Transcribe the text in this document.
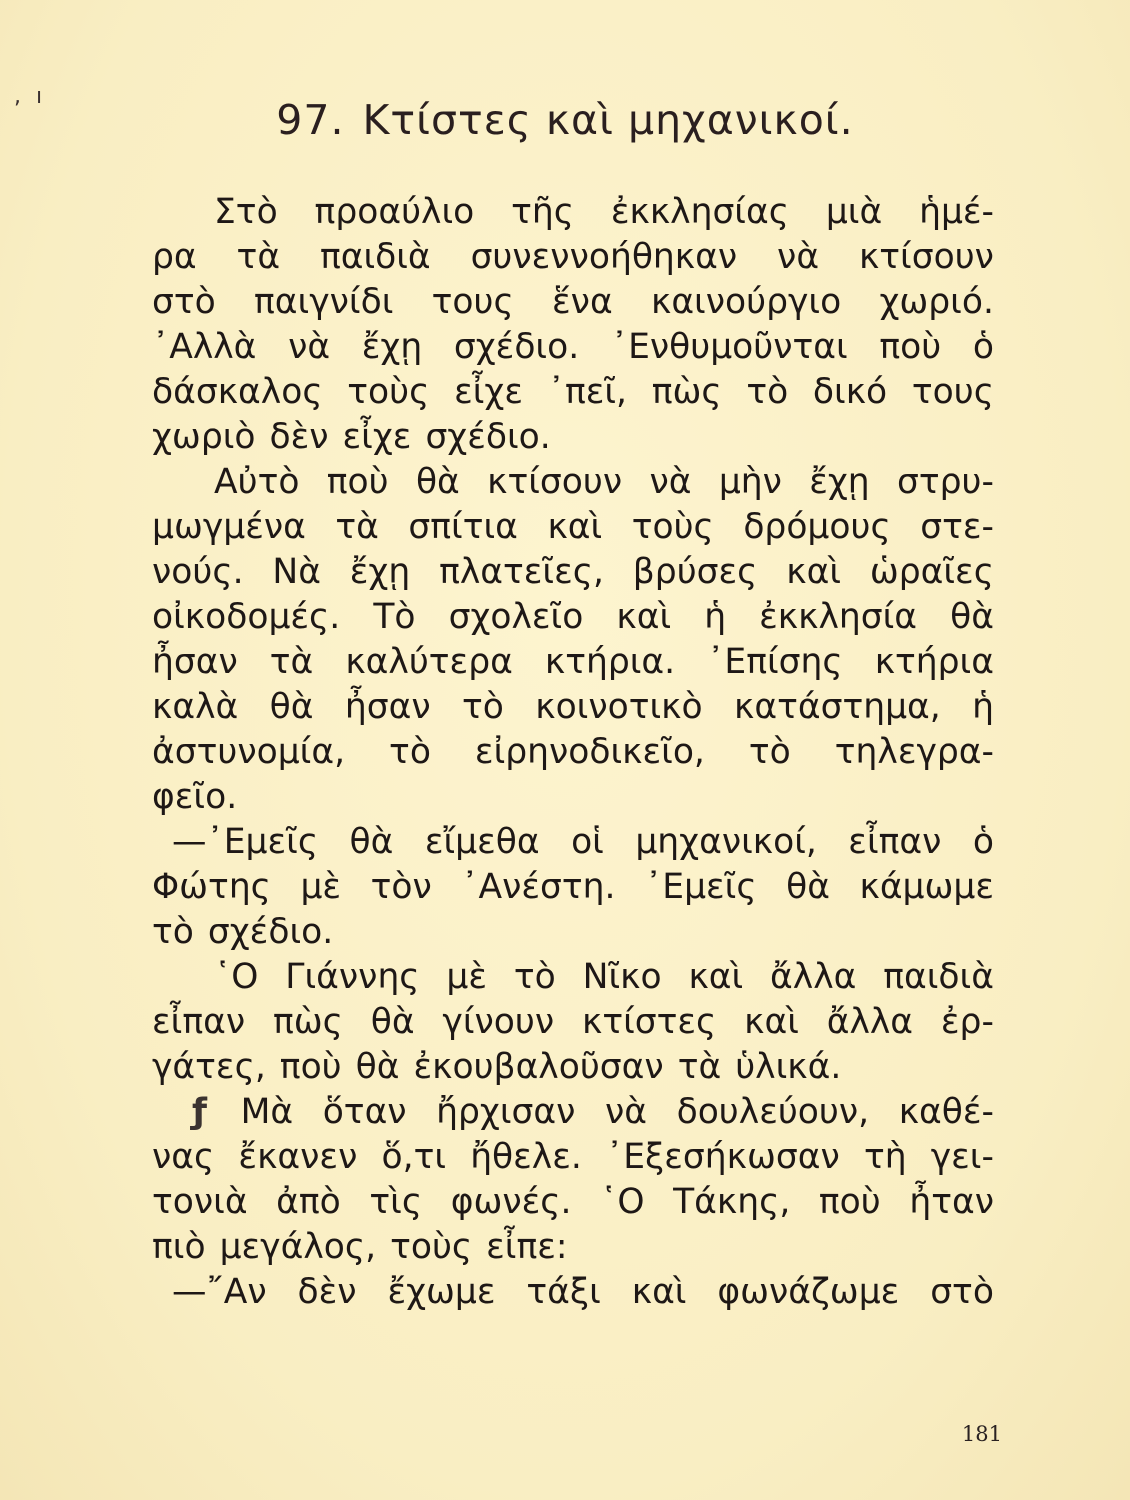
, ı	97. Κτίστες καὶ μηχανικοί.
Στὸ προαύλιο τῆς ἐκκλησίας μιὰ ἡμέ-
ρα τὰ παιδιὰ συνεννοήθηκαν νὰ κτίσουν
στὸ παιγνίδι τους ἕνα καινούργιο χωριό.
᾿Αλλὰ νὰ ἔχῃ σχέδιο. ᾿Ενθυμοῦνται ποὺ ὁ
δάσκαλος τοὺς εἶχε ᾿πεῖ, πὼς τὸ δικό τους
χωριὸ δὲν εἶχε σχέδιο.
Αὐτὸ ποὺ θὰ κτίσουν νὰ μὴν ἔχῃ στρυ-
μωγμένα τὰ σπίτια καὶ τοὺς δρόμους στε-
νούς. Νὰ ἔχῃ πλατεῖες, βρύσες καὶ ὡραῖες
οἰκοδομές. Τὸ σχολεῖο καὶ ἡ ἐκκλησία θὰ
ἦσαν τὰ καλύτερα κτήρια. ᾿Επίσης κτήρια
καλὰ θὰ ἦσαν τὸ κοινοτικὸ κατάστημα, ἡ
ἀστυνομία, τὸ εἰρηνοδικεῖο, τὸ τηλεγρα-
φεῖο.
—᾿Εμεῖς θὰ εἴμεθα οἱ μηχανικοί, εἶπαν ὁ
Φώτης μὲ τὸν ᾿Ανέστη. ᾿Εμεῖς θὰ κάμωμε
τὸ σχέδιο.
῾Ο Γιάννης μὲ τὸ Νῖκο καὶ ἄλλα παιδιὰ
εἶπαν πὼς θὰ γίνουν κτίστες καὶ ἄλλα ἐρ-
γάτες, ποὺ θὰ ἐκουβαλοῦσαν τὰ ὑλικά.
ƒ Μὰ ὅταν ἤρχισαν νὰ δουλεύουν, καθέ-
νας ἔκανεν ὅ,τι ἤθελε. ᾿Εξεσήκωσαν τὴ γει-
τονιὰ ἀπὸ τὶς φωνές. ῾Ο Τάκης, ποὺ ἦταν
πιὸ μεγάλος, τοὺς εἶπε:
—῎Αν δὲν ἔχωμε τάξι καὶ φωνάζωμε στὸ
181
